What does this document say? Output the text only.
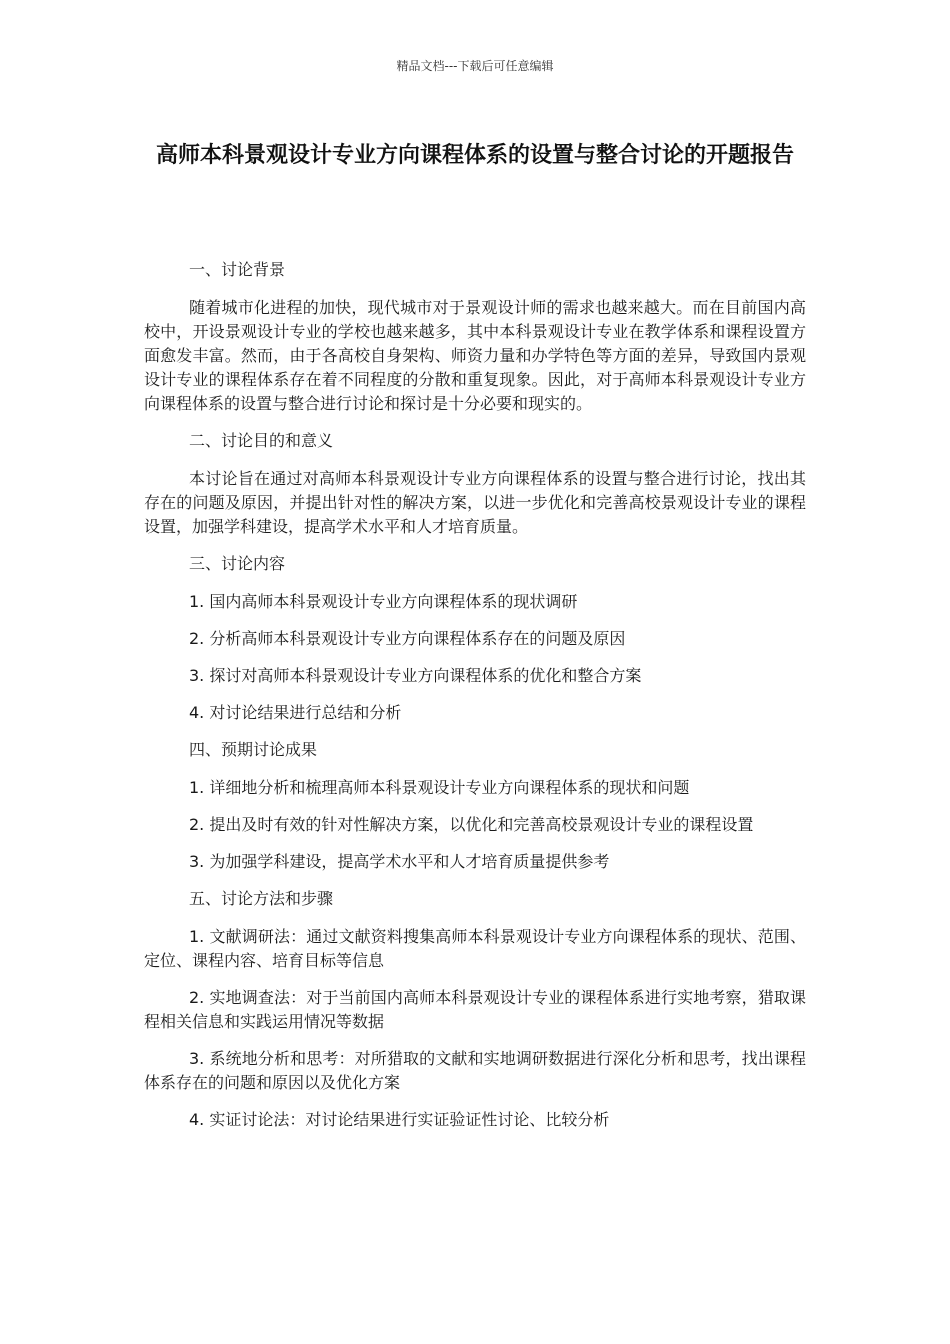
精品文档---下载后可任意编辑
高师本科景观设计专业方向课程体系的设置与整合讨论的开题报告

一、讨论背景

随着城市化进程的加快，现代城市对于景观设计师的需求也越来越大。而在目前国内高校中，开设景观设计专业的学校也越来越多，其中本科景观设计专业在教学体系和课程设置方面愈发丰富。然而，由于各高校自身架构、师资力量和办学特色等方面的差异，导致国内景观设计专业的课程体系存在着不同程度的分散和重复现象。因此，对于高师本科景观设计专业方向课程体系的设置与整合进行讨论和探讨是十分必要和现实的。

二、讨论目的和意义

本讨论旨在通过对高师本科景观设计专业方向课程体系的设置与整合进行讨论，找出其存在的问题及原因，并提出针对性的解决方案，以进一步优化和完善高校景观设计专业的课程设置，加强学科建设，提高学术水平和人才培育质量。

三、讨论内容

1. 国内高师本科景观设计专业方向课程体系的现状调研

2. 分析高师本科景观设计专业方向课程体系存在的问题及原因

3. 探讨对高师本科景观设计专业方向课程体系的优化和整合方案

4. 对讨论结果进行总结和分析

四、预期讨论成果

1. 详细地分析和梳理高师本科景观设计专业方向课程体系的现状和问题

2. 提出及时有效的针对性解决方案，以优化和完善高校景观设计专业的课程设置

3. 为加强学科建设，提高学术水平和人才培育质量提供参考

五、讨论方法和步骤

1. 文献调研法：通过文献资料搜集高师本科景观设计专业方向课程体系的现状、范围、定位、课程内容、培育目标等信息

2. 实地调查法：对于当前国内高师本科景观设计专业的课程体系进行实地考察，猎取课程相关信息和实践运用情况等数据

3. 系统地分析和思考：对所猎取的文献和实地调研数据进行深化分析和思考，找出课程体系存在的问题和原因以及优化方案

4. 实证讨论法：对讨论结果进行实证验证性讨论、比较分析
